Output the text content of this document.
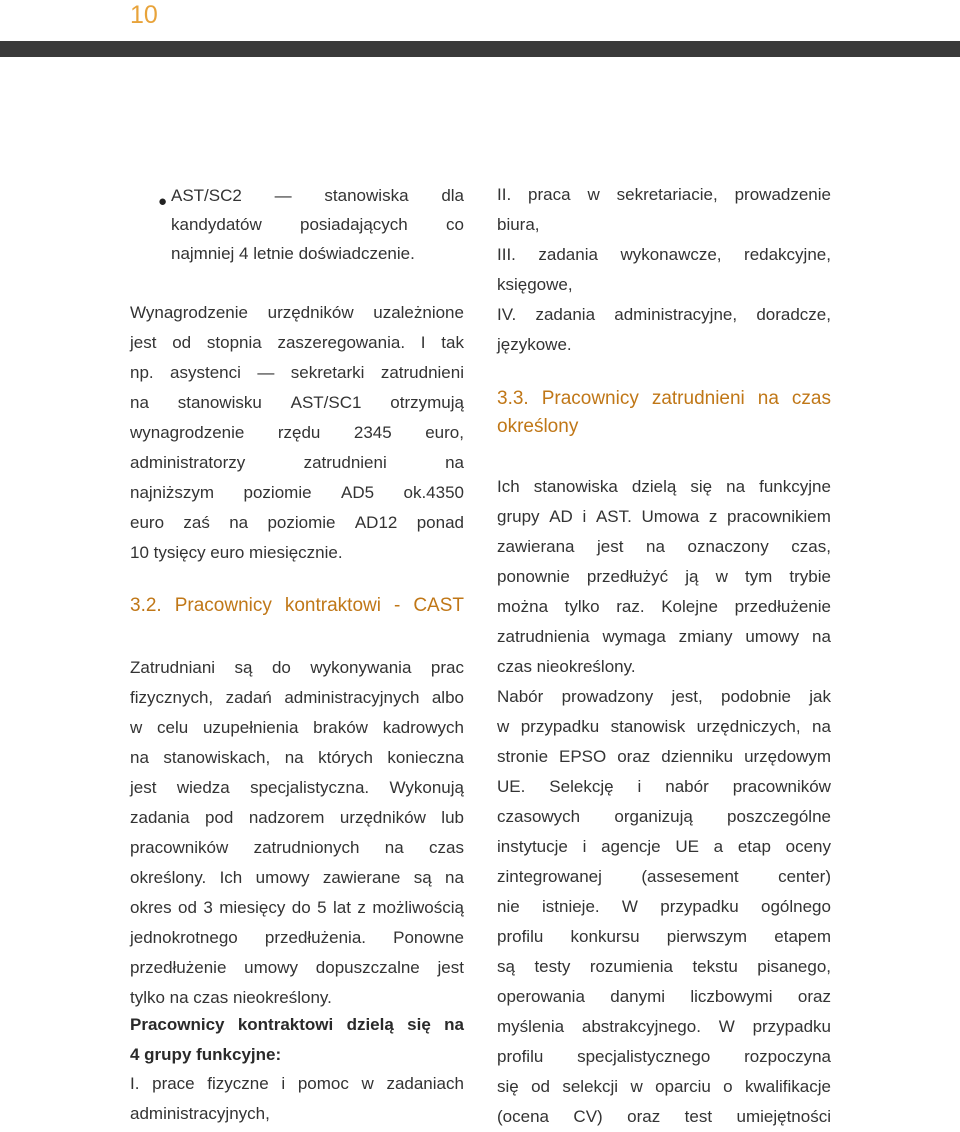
10
● AST/SC2 — stanowiska dla
kandydatów posiadających co
najmniej 4 letnie doświadczenie.
Wynagrodzenie urzędników uzależnione
jest od stopnia zaszeregowania. I tak
np. asystenci — sekretarki zatrudnieni
na stanowisku AST/SC1 otrzymują
wynagrodzenie rzędu 2345 euro,
administratorzy	zatrudnieni	na
najniższym poziomie AD5 ok.4350
euro zaś na poziomie AD12 ponad
10 tysięcy euro miesięcznie.
3.2. Pracownicy kontraktowi - CAST
Zatrudniani są do wykonywania prac
fizycznych, zadań administracyjnych albo
w celu uzupełnienia braków kadrowych
na stanowiskach, na których konieczna
jest wiedza specjalistyczna. Wykonują
zadania pod nadzorem urzędników lub
pracowników zatrudnionych na czas
określony. Ich umowy zawierane są na
okres od 3 miesięcy do 5 lat z możliwością
jednokrotnego przedłużenia. Ponowne
przedłużenie umowy dopuszczalne jest
tylko na czas nieokreślony.
Pracownicy kontraktowi dzielą się na
4 grupy funkcyjne:
I. prace fizyczne i pomoc w zadaniach
administracyjnych,
II. praca w sekretariacie, prowadzenie
biura,
III. zadania wykonawcze, redakcyjne,
księgowe,
IV. zadania administracyjne, doradcze,
językowe.
3.3. Pracownicy zatrudnieni na czas
określony
Ich stanowiska dzielą się na funkcyjne
grupy AD i AST. Umowa z pracownikiem
zawierana jest na oznaczony czas,
ponownie przedłużyć ją w tym trybie
można tylko raz. Kolejne przedłużenie
zatrudnienia wymaga zmiany umowy na
czas nieokreślony.
Nabór prowadzony jest, podobnie jak
w przypadku stanowisk urzędniczych, na
stronie EPSO oraz dzienniku urzędowym
UE. Selekcję i nabór pracowników
czasowych organizują poszczególne
instytucje i agencje UE a etap oceny
zintegrowanej (assesement center)
nie istnieje. W przypadku ogólnego
profilu konkursu pierwszym etapem
są testy rozumienia tekstu pisanego,
operowania danymi liczbowymi oraz
myślenia abstrakcyjnego. W przypadku
profilu specjalistycznego rozpoczyna
się od selekcji w oparciu o kwalifikacje
(ocena CV) oraz test umiejętności
